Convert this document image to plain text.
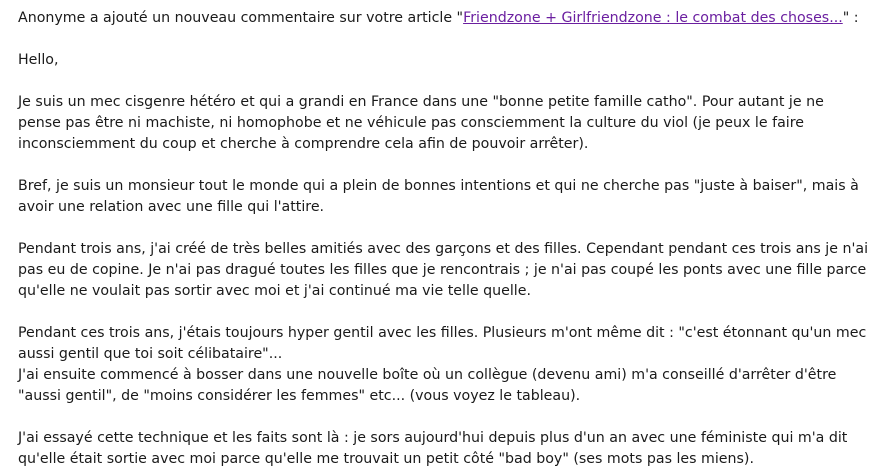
Anonyme a ajouté un nouveau commentaire sur votre article "Friendzone + Girlfriendzone : le combat des choses..." :

Hello,

Je suis un mec cisgenre hétéro et qui a grandi en France dans une "bonne petite famille catho". Pour autant je ne pense pas être ni machiste, ni homophobe et ne véhicule pas consciemment la culture du viol (je peux le faire inconsciemment du coup et cherche à comprendre cela afin de pouvoir arrêter).

Bref, je suis un monsieur tout le monde qui a plein de bonnes intentions et qui ne cherche pas "juste à baiser", mais à avoir une relation avec une fille qui l'attire.

Pendant trois ans, j'ai créé de très belles amitiés avec des garçons et des filles. Cependant pendant ces trois ans je n'ai pas eu de copine. Je n'ai pas dragué toutes les filles que je rencontrais ; je n'ai pas coupé les ponts avec une fille parce qu'elle ne voulait pas sortir avec moi et j'ai continué ma vie telle quelle.

Pendant ces trois ans, j'étais toujours hyper gentil avec les filles. Plusieurs m'ont même dit : "c'est étonnant qu'un mec aussi gentil que toi soit célibataire"...

J'ai ensuite commencé à bosser dans une nouvelle boîte où un collègue (devenu ami) m'a conseillé d'arrêter d'être "aussi gentil", de "moins considérer les femmes" etc... (vous voyez le tableau).

J'ai essayé cette technique et les faits sont là : je sors aujourd'hui depuis plus d'un an avec une féministe qui m'a dit qu'elle était sortie avec moi parce qu'elle me trouvait un petit côté "bad boy" (ses mots pas les miens).
